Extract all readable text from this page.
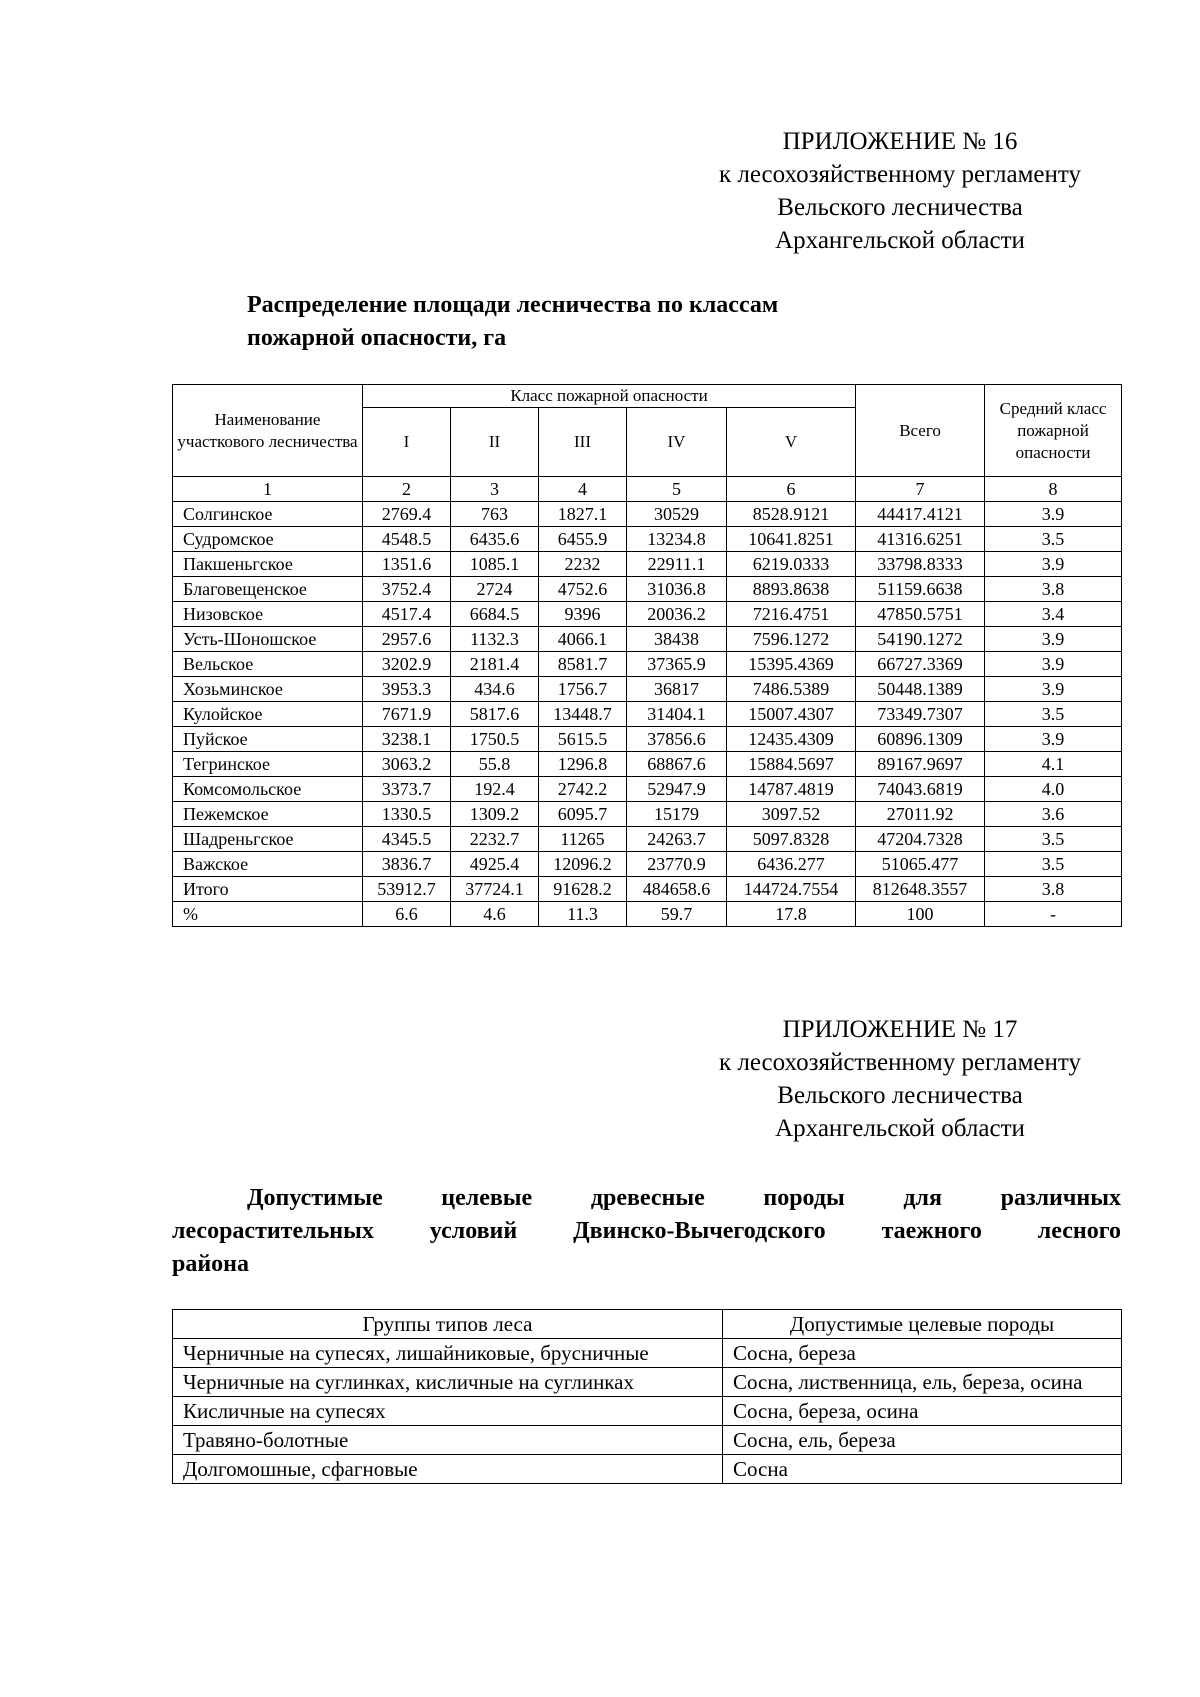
ПРИЛОЖЕНИЕ № 16
к лесохозяйственному регламенту
Вельского лесничества
Архангельской области
Распределение площади лесничества по классам
пожарной опасности, га
Наименование участкового лесничества	Класс пожарной опасности					Всего	Средний класс пожарной опасности
	I	II	III	IV	V		
1	2	3	4	5	6	7	8
Солгинское	2769.4	763	1827.1	30529	8528.9121	44417.4121	3.9
Судромское	4548.5	6435.6	6455.9	13234.8	10641.8251	41316.6251	3.5
Пакшеньгское	1351.6	1085.1	2232	22911.1	6219.0333	33798.8333	3.9
Благовещенское	3752.4	2724	4752.6	31036.8	8893.8638	51159.6638	3.8
Низовское	4517.4	6684.5	9396	20036.2	7216.4751	47850.5751	3.4
Усть-Шоношское	2957.6	1132.3	4066.1	38438	7596.1272	54190.1272	3.9
Вельское	3202.9	2181.4	8581.7	37365.9	15395.4369	66727.3369	3.9
Хозьминское	3953.3	434.6	1756.7	36817	7486.5389	50448.1389	3.9
Кулойское	7671.9	5817.6	13448.7	31404.1	15007.4307	73349.7307	3.5
Пуйское	3238.1	1750.5	5615.5	37856.6	12435.4309	60896.1309	3.9
Тегринское	3063.2	55.8	1296.8	68867.6	15884.5697	89167.9697	4.1
Комсомольское	3373.7	192.4	2742.2	52947.9	14787.4819	74043.6819	4.0
Пежемское	1330.5	1309.2	6095.7	15179	3097.52	27011.92	3.6
Шадреньгское	4345.5	2232.7	11265	24263.7	5097.8328	47204.7328	3.5
Важское	3836.7	4925.4	12096.2	23770.9	6436.277	51065.477	3.5
Итого	53912.7	37724.1	91628.2	484658.6	144724.7554	812648.3557	3.8
%	6.6	4.6	11.3	59.7	17.8	100	-
ПРИЛОЖЕНИЕ № 17
к лесохозяйственному регламенту
Вельского лесничества
Архангельской области
Допустимые целевые древесные породы для различных
лесорастительных условий Двинско-Вычегодского таежного лесного
района
Группы типов леса	Допустимые целевые породы
Черничные на супесях, лишайниковые, брусничные	Сосна, береза
Черничные на суглинках, кисличные на суглинках	Сосна, лиственница, ель, береза, осина
Кисличные на супесях	Сосна, береза, осина
Травяно-болотные	Сосна, ель, береза
Долгомошные, сфагновые	Сосна
